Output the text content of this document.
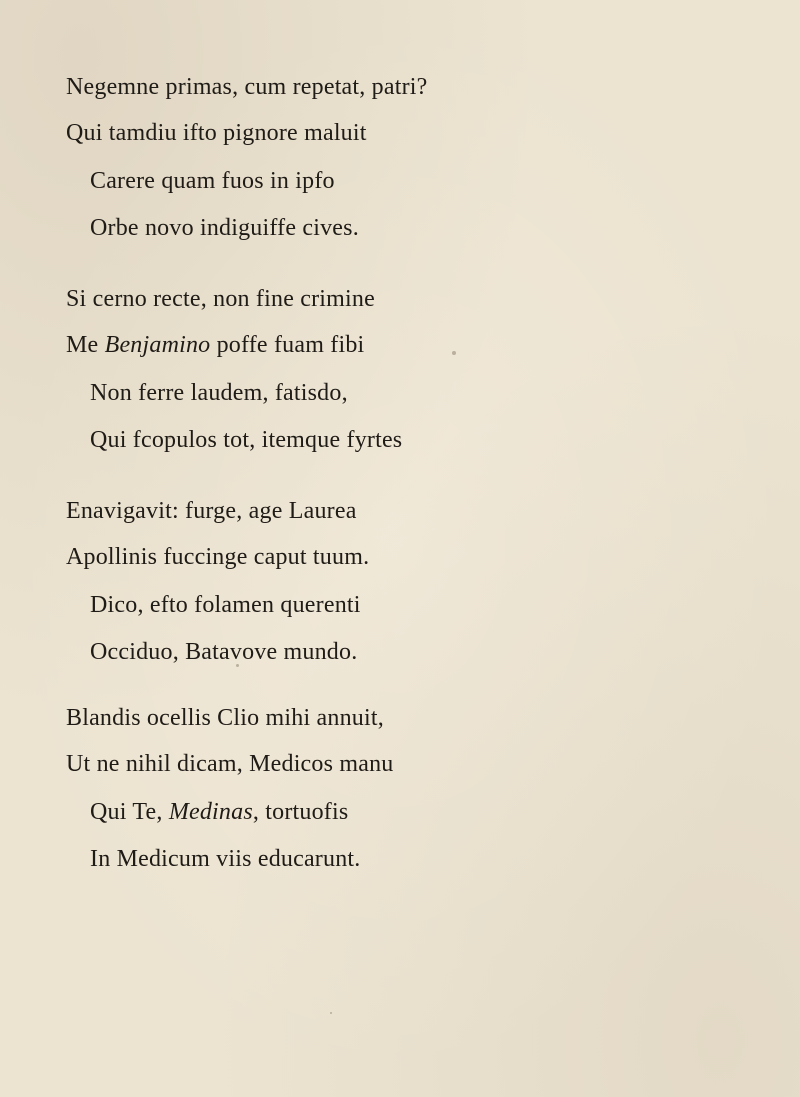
Negemne primas, cum repetat, patri?
Qui tamdiu ifto pignore maluit
Carere quam fuos in ipfo
Orbe novo indiguiffe cives.
Si cerno recte, non fine crimine
Me Benjamino poffe fuam fibi
Non ferre laudem, fatisdo,
Qui fcopulos tot, itemque fyrtes
Enavigavit: furge, age Laurea
Apollinis fuccinge caput tuum.
Dico, efto folamen querenti
Occiduo, Batavove mundo.
Blandis ocellis Clio mihi annuit,
Ut ne nihil dicam, Medicos manu
Qui Te, Medinas, tortuofis
In Medicum viis educarunt.
